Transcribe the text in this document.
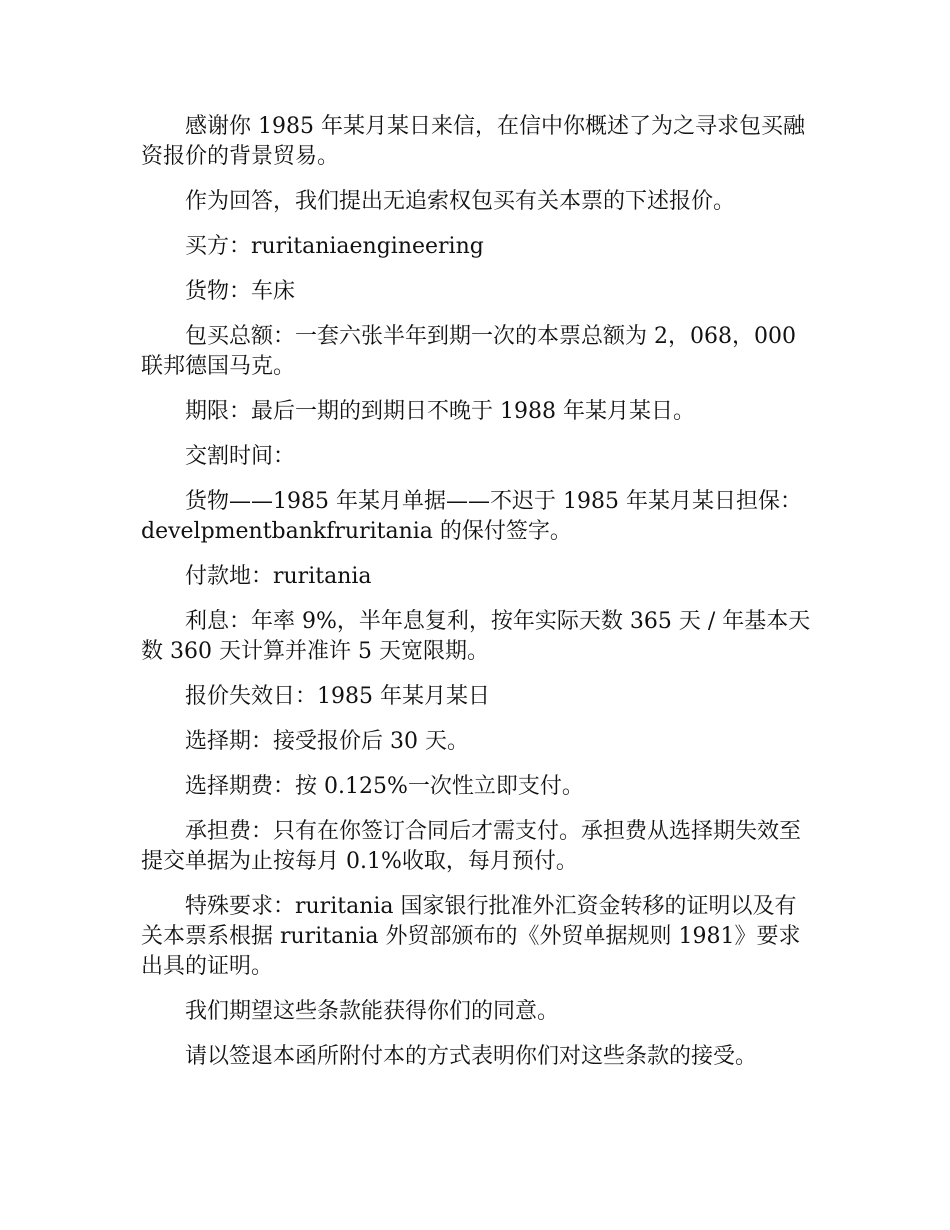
感谢你 1985 年某月某日来信，在信中你概述了为之寻求包买融资报价的背景贸易。

作为回答，我们提出无追索权包买有关本票的下述报价。

买方：ruritaniaengineering

货物：车床

包买总额：一套六张半年到期一次的本票总额为 2，068，000 联邦德国马克。

期限：最后一期的到期日不晚于 1988 年某月某日。

交割时间：

货物——1985 年某月单据——不迟于 1985 年某月某日担保：develpmentbankfruritania 的保付签字。

付款地：ruritania

利息：年率 9%，半年息复利，按年实际天数 365 天 / 年基本天数 360 天计算并准许 5 天宽限期。

报价失效日：1985 年某月某日

选择期：接受报价后 30 天。

选择期费：按 0.125%一次性立即支付。

承担费：只有在你签订合同后才需支付。承担费从选择期失效至提交单据为止按每月 0.1%收取，每月预付。

特殊要求：ruritania 国家银行批准外汇资金转移的证明以及有关本票系根据 ruritania 外贸部颁布的《外贸单据规则 1981》要求出具的证明。

我们期望这些条款能获得你们的同意。

请以签退本函所附付本的方式表明你们对这些条款的接受。
